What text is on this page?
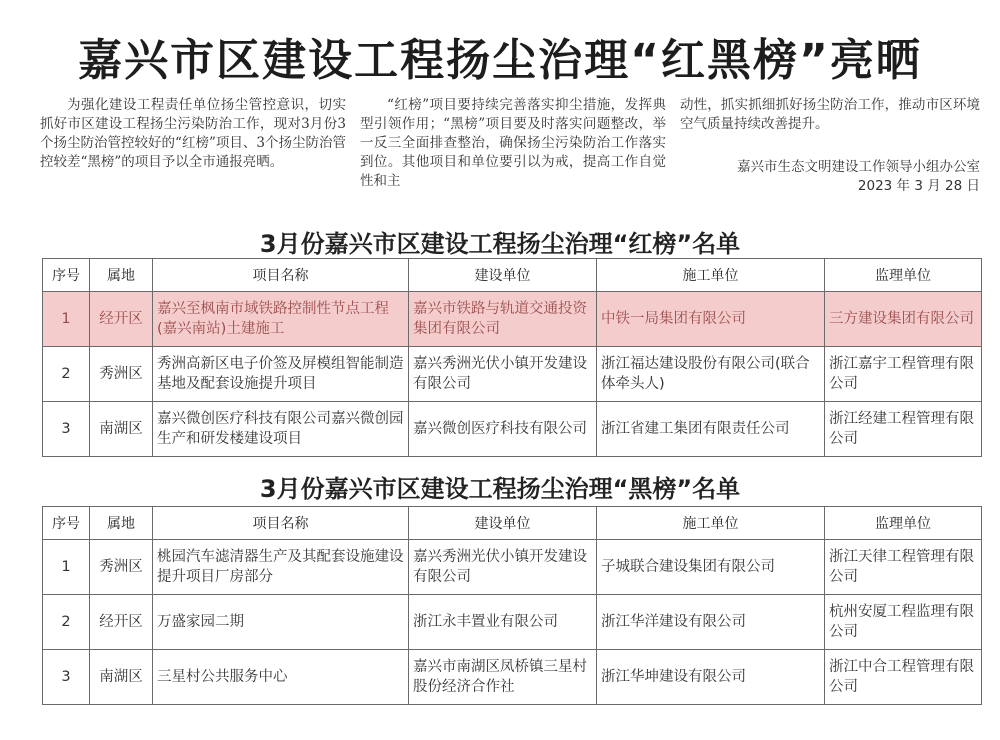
嘉兴市区建设工程扬尘治理“红黑榜”亮晒

为强化建设工程责任单位扬尘管控意识，切实抓好市区建设工程扬尘污染防治工作，现对3月份3个扬尘防治管控较好的“红榜”项目、3个扬尘防治管控较差“黑榜”的项目予以全市通报亮晒。

“红榜”项目要持续完善落实抑尘措施，发挥典型引领作用；“黑榜”项目要及时落实问题整改，举一反三全面排查整治，确保扬尘污染防治工作落实到位。其他项目和单位要引以为戒，提高工作自觉性和主

动性，抓实抓细抓好扬尘防治工作，推动市区环境空气质量持续改善提升。

嘉兴市生态文明建设工作领导小组办公室
2023 年 3 月 28 日
3月份嘉兴市区建设工程扬尘治理“红榜”名单
序号	属地	项目名称	建设单位	施工单位	监理单位
1	经开区	嘉兴至枫南市域铁路控制性节点工程(嘉兴南站)土建施工	嘉兴市铁路与轨道交通投资集团有限公司	中铁一局集团有限公司	三方建设集团有限公司
2	秀洲区	秀洲高新区电子价签及屏模组智能制造基地及配套设施提升项目	嘉兴秀洲光伏小镇开发建设有限公司	浙江福达建设股份有限公司(联合体牵头人)	浙江嘉宇工程管理有限公司
3	南湖区	嘉兴微创医疗科技有限公司嘉兴微创园生产和研发楼建设项目	嘉兴微创医疗科技有限公司	浙江省建工集团有限责任公司	浙江经建工程管理有限公司
3月份嘉兴市区建设工程扬尘治理“黑榜”名单
序号	属地	项目名称	建设单位	施工单位	监理单位
1	秀洲区	桃园汽车滤清器生产及其配套设施建设提升项目厂房部分	嘉兴秀洲光伏小镇开发建设有限公司	子城联合建设集团有限公司	浙江天律工程管理有限公司
2	经开区	万盛家园二期	浙江永丰置业有限公司	浙江华洋建设有限公司	杭州安厦工程监理有限公司
3	南湖区	三星村公共服务中心	嘉兴市南湖区凤桥镇三星村股份经济合作社	浙江华坤建设有限公司	浙江中合工程管理有限公司
